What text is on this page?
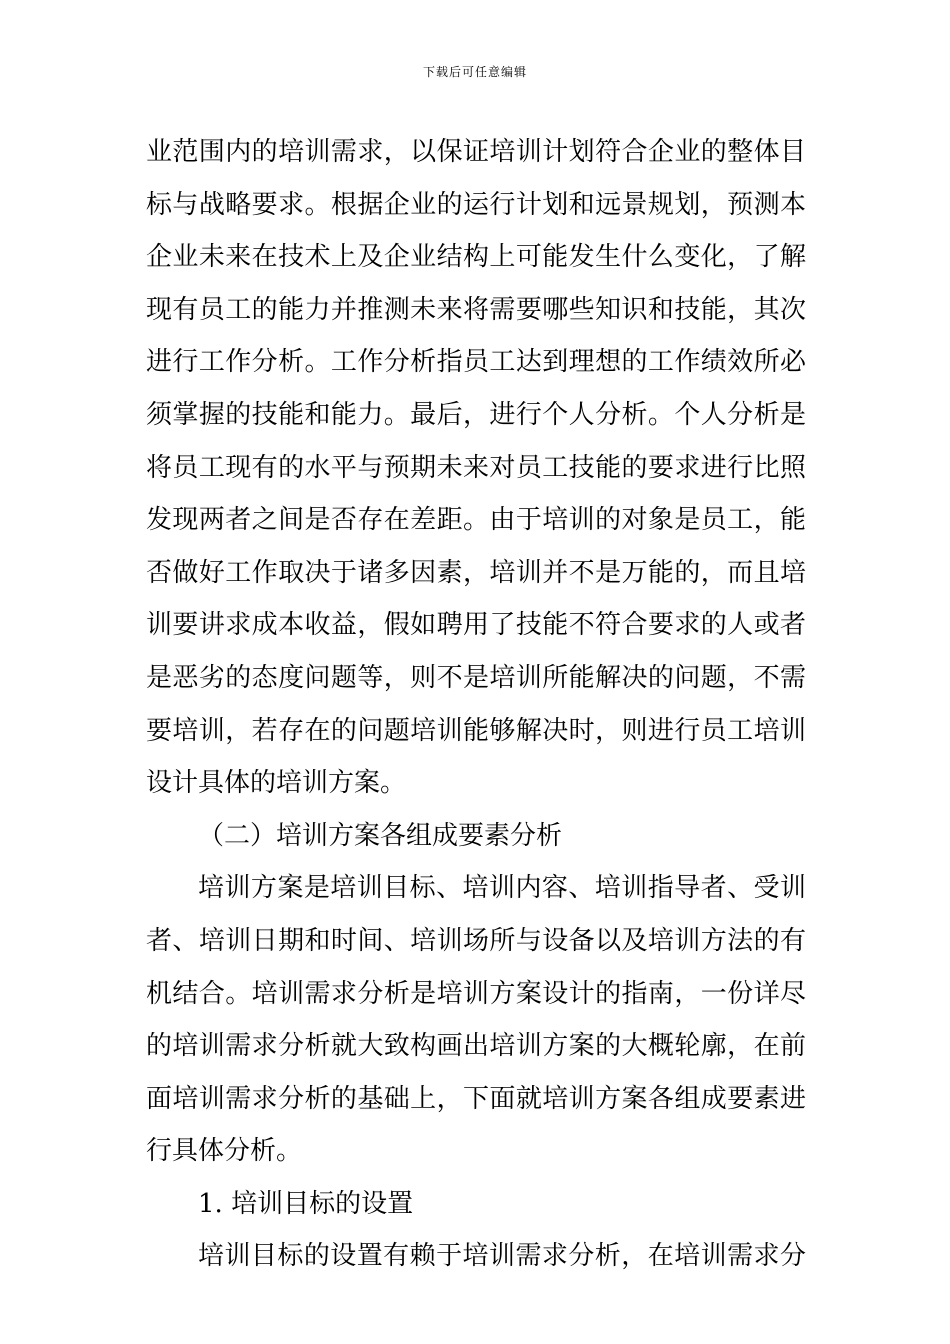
下载后可任意编辑
业范围内的培训需求，以保证培训计划符合企业的整体目
标与战略要求。根据企业的运行计划和远景规划，预测本
企业未来在技术上及企业结构上可能发生什么变化，了解
现有员工的能力并推测未来将需要哪些知识和技能，其次
进行工作分析。工作分析指员工达到理想的工作绩效所必
须掌握的技能和能力。最后，进行个人分析。个人分析是
将员工现有的水平与预期未来对员工技能的要求进行比照
发现两者之间是否存在差距。由于培训的对象是员工，能
否做好工作取决于诸多因素，培训并不是万能的，而且培
训要讲求成本收益，假如聘用了技能不符合要求的人或者
是恶劣的态度问题等，则不是培训所能解决的问题，不需
要培训，若存在的问题培训能够解决时，则进行员工培训
设计具体的培训方案。
（二）培训方案各组成要素分析
培训方案是培训目标、培训内容、培训指导者、受训
者、培训日期和时间、培训场所与设备以及培训方法的有
机结合。培训需求分析是培训方案设计的指南，一份详尽
的培训需求分析就大致构画出培训方案的大概轮廓，在前
面培训需求分析的基础上，下面就培训方案各组成要素进
行具体分析。
1. 培训目标的设置
培训目标的设置有赖于培训需求分析，在培训需求分
